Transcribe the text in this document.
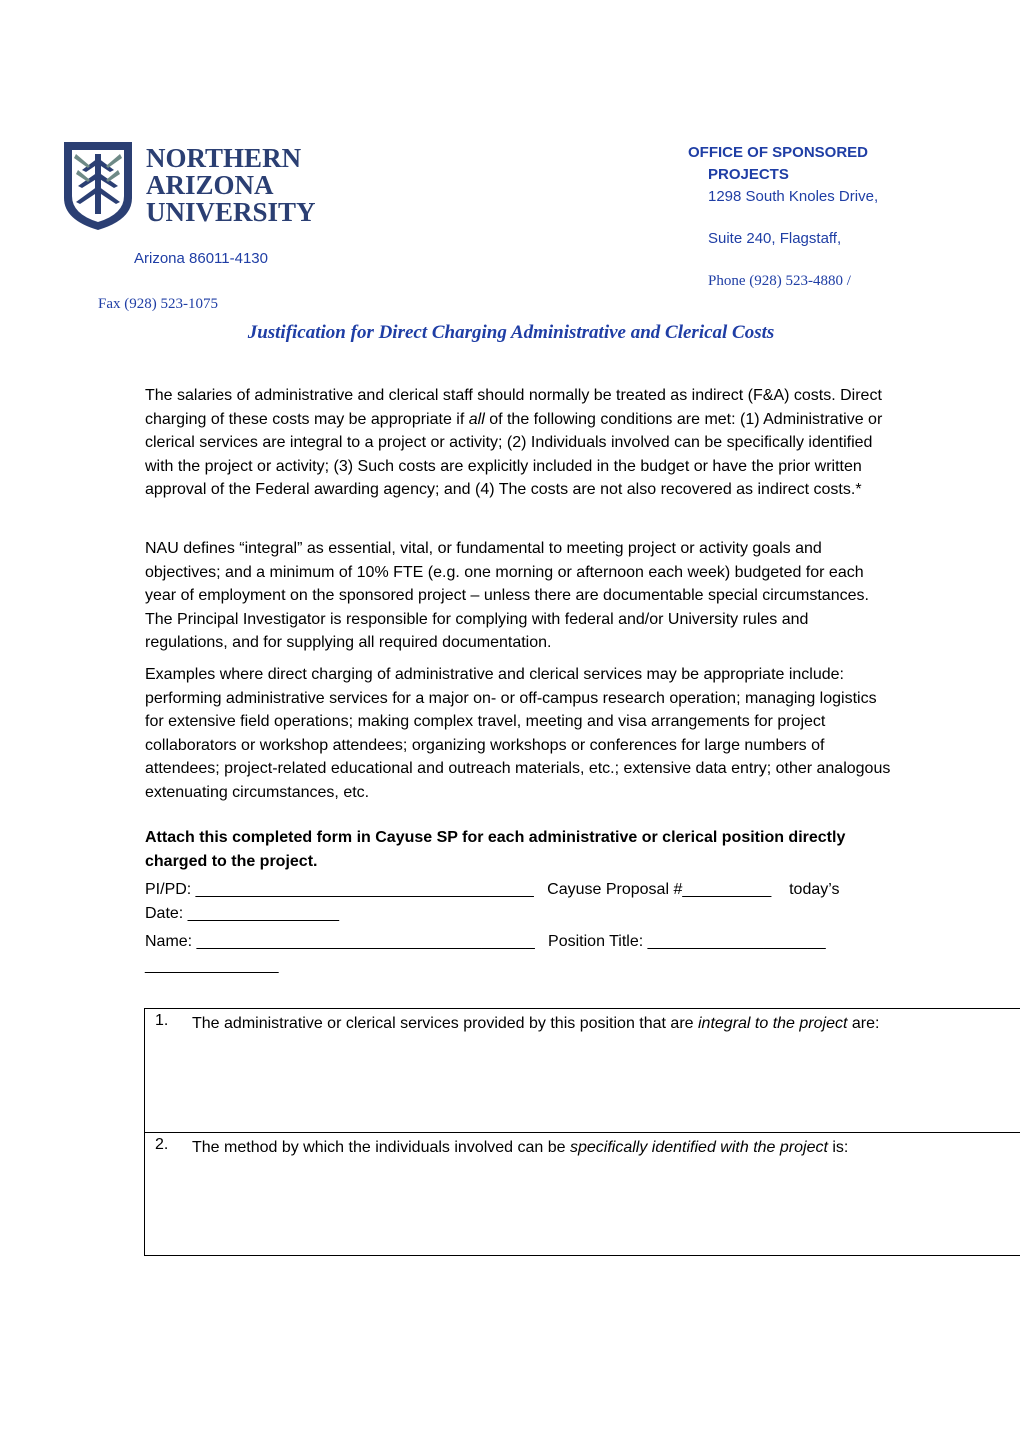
NORTHERN
ARIZONA
UNIVERSITY
OFFICE OF SPONSORED
PROJECTS
1298 South Knoles Drive,
Suite 240, Flagstaff,
Arizona 86011-4130
Phone (928) 523-4880 /
Fax (928) 523-1075
Justification for Direct Charging Administrative and Clerical Costs

The salaries of administrative and clerical staff should normally be treated as indirect (F&A) costs. Direct charging of these costs may be appropriate if all of the following conditions are met: (1) Administrative or clerical services are integral to a project or activity; (2) Individuals involved can be specifically identified with the project or activity; (3) Such costs are explicitly included in the budget or have the prior written approval of the Federal awarding agency; and (4) The costs are not also recovered as indirect costs.*

NAU defines “integral” as essential, vital, or fundamental to meeting project or activity goals and objectives; and a minimum of 10% FTE (e.g. one morning or afternoon each week) budgeted for each year of employment on the sponsored project – unless there are documentable special circumstances. The Principal Investigator is responsible for complying with federal and/or University rules and regulations, and for supplying all required documentation.

Examples where direct charging of administrative and clerical services may be appropriate include: performing administrative services for a major on- or off-campus research operation; managing logistics for extensive field operations; making complex travel, meeting and visa arrangements for project collaborators or workshop attendees; organizing workshops or conferences for large numbers of attendees; project-related educational and outreach materials, etc.; extensive data entry; other analogous extenuating circumstances, etc.

Attach this completed form in Cayuse SP for each administrative or clerical position directly charged to the project.
PI/PD: ______________________________________   Cayuse Proposal #__________    today’s
Date: _________________
Name: ______________________________________   Position Title: ____________________
_______________
1. The administrative or clerical services provided by this position that are integral to the project are:
2. The method by which the individuals involved can be specifically identified with the project is:
